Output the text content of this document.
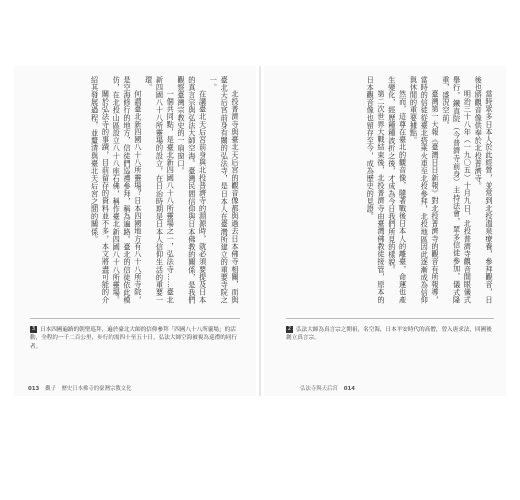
北投普濟寺與臺北天后宮的觀音像都與過去日本佛寺相關，而與臺北天后宮前身有關的弘法寺，是日本人在臺灣所建立的重要寺院之一。

在講臺北天后宮前身與北投普濟寺的淵源時，就必須要提及日本的真言宗與弘法大師空海。臺灣民間信仰與日本佛教的關係，是我們觀察臺灣宗教史的一扇窗口。

一個共同點，是臺北新四國八十八所靈場之一，弘法寺……臺北新四國八十八所靈場的設立，在日治時期是日本人信仰生活的重要一環。

何謂臺北新四國八十八所靈場？日本四國地方有八十八所寺院，是空海修行的地方，信徒們巡禮參拜，稱為遍路。臺北的信徒依此模仿，在北投山區設立八十八座石佛，稱作臺北新四國八十八所靈場。

關於弘法寺的事蹟，目前留存的資料並不多，本文將盡可能的介紹其發展過程，並釐清與臺北天后宮之間的關係。	當時眾多日本人於此經營，並常到北投溫泉療養，參拜觀音，日後也將觀音像供奉於北投普濟寺。

明治三十八年（一九〇五）十月九日，北投普濟寺觀音開眼儀式舉行，鐵真院（今普濟寺前身）主持法會，眾多信徒參加，儀式隆重，盛況空前。

臺灣第一大報《臺灣日日新報》對北投普濟寺的觀音有所報導，當時的信徒從臺北搭乘火車至北投參拜，北投地區因此逐漸成為信仰與休閒的重要據點。

然而，這尊在臺北的觀音像，隨著戰後日本人的離臺，命運也產生變化，經歷種種波折之後，才成為今日我們所見的樣貌。

第二次世界大戰結束後，北投普濟寺由臺灣佛教徒接管，原本的日本觀音像也留存至今，成為歷史的見證。

3 日本四國遍路的朝聖巡拜，遍於臺北大師的信仰參拜「四國八十八所靈場」的活動，全程約一千二百公里，步行約需四十至五十日，弘法大師空海被視為巡禮的同行者。
2 弘法大師為真言宗之開祖，名空海，日本平安時代的高僧，曾入唐求法，回國後創立真言宗。
013 觀子　歷史日本佛寺的臺灣宗教文化	弘法寺與天后宮 014
